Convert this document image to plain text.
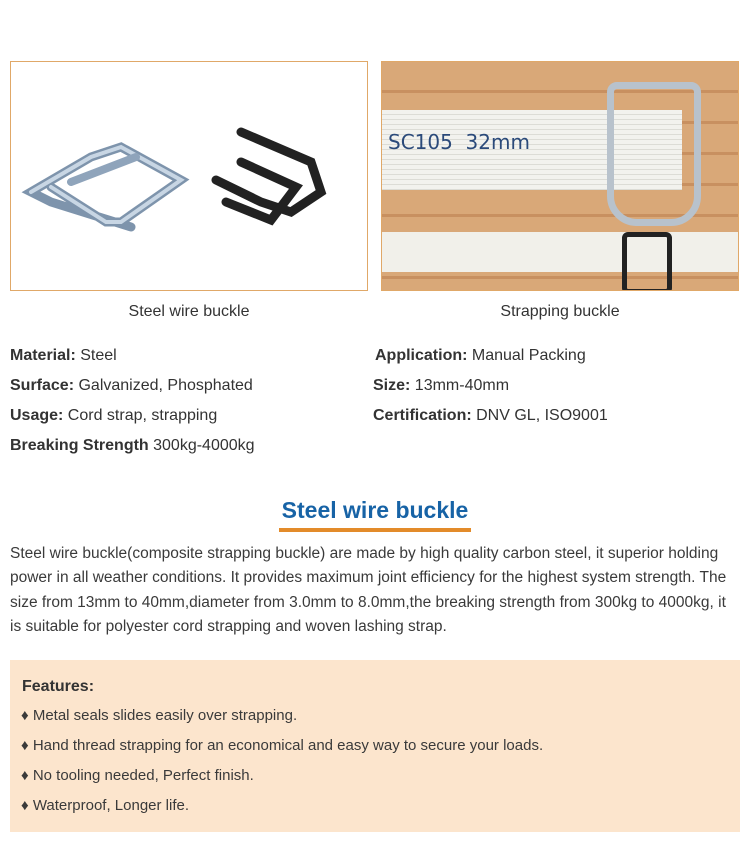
SC105  32mm
Steel wire buckle	Strapping buckle
Material: Steel
Surface: Galvanized, Phosphated
Usage: Cord strap, strapping
Breaking Strength 300kg-4000kg
Application: Manual Packing
Size: 13mm-40mm
Certification: DNV GL, ISO9001
Steel wire buckle
Steel wire buckle(composite strapping buckle) are made by high quality carbon steel, it superior holding power in all weather conditions. It provides maximum joint efficiency for the highest system strength. The size from 13mm to 40mm,diameter from 3.0mm to 8.0mm,the breaking strength from 300kg to 4000kg, it is suitable for polyester cord strapping and woven lashing strap.
Features:
♦ Metal seals slides easily over strapping.
♦ Hand thread strapping for an economical and easy way to secure your loads.
♦ No tooling needed, Perfect finish.
♦ Waterproof, Longer life.
